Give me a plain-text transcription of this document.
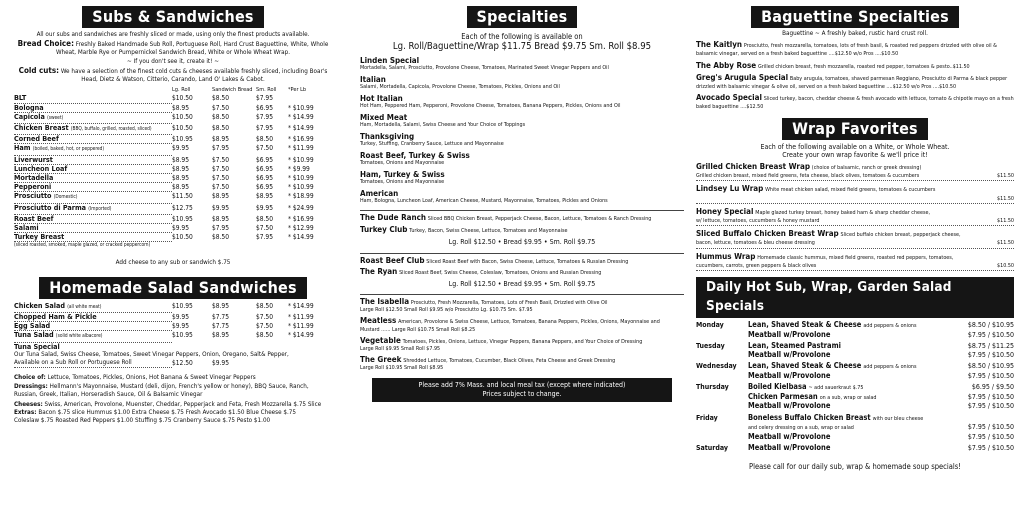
Subs & Sandwiches

All our subs and sandwiches are freshly sliced or made, using only the finest products available.

Bread Choice: Freshly Baked Handmade Sub Roll, Portuguese Roll, Hard Crust Baguettine, White, Whole Wheat, Marble Rye or Pumpernickel Sandwich Bread, White or Whole Wheat Wrap.

~ If you don't see it, create it! ~

Cold cuts: We have a selection of the finest cold cuts & cheeses available freshly sliced, including Boar's Head, Dietz & Watson, Citterio, Carando, Land O' Lakes & Cabot.

Lg. Roll	Sandwich Bread Sm. Roll	*Per Lb
BLT	$10.50	$8.50	$7.95
Bologna	$8.95	$7.50	$6.95	* $10.99
Capicola (sweet)	$10.50	$8.50	$7.95	* $14.99
Chicken Breast (BBQ, buffalo, grilled, roasted, sliced)	$10.50	$8.50	$7.95	* $14.99
Corned Beef	$10.95	$8.95	$8.50	* $16.99
Ham (boiled, baked, hot, or peppered)	$9.95	$7.95	$7.50	* $11.99
Liverwurst	$8.95	$7.50	$6.95	* $10.99
Luncheon Loaf	$8.95	$7.50	$6.95	* $9.99
Mortadella	$8.95	$7.50	$6.95	* $10.99
Pepperoni	$8.95	$7.50	$6.95	* $10.99
Prosciutto (Domestic)	$11.50	$8.95	$8.95	* $18.99
Prosciutto di Parma (Imported)	$12.75	$9.95	$9.95	* $24.99
Roast Beef	$10.95	$8.95	$8.50	* $16.99
Salami	$9.95	$7.95	$7.50	* $12.99
Turkey Breast	$10.50	$8.50	$7.95	* $14.99

(sliced roasted, smoked, maple glazed, or cracked peppercorn)

Add cheese to any sub or sandwich $.75

Homemade Salad Sandwiches
Chicken Salad (all white meat)	$10.95	$8.95	$8.50	* $14.99
Chopped Ham & Pickle	$9.95	$7.75	$7.50	* $11.99
Egg Salad	$9.95	$7.75	$7.50	* $11.99
Tuna Salad (solid white albacore)	$10.95	$8.95	$8.50	* $14.99
Tuna Special

Our Tuna Salad, Swiss Cheese, Tomatoes, Sweet Vinegar Peppers, Onion, Oregano, Salt& Pepper,

Available on a Sub Roll or Portuguese Roll	$12.50	$9.95

Choice of: Lettuce, Tomatoes, Pickles, Onions, Hot Banana & Sweet Vinegar Peppers

Dressings: Hellmann's Mayonnaise, Mustard (deli, dijon, French's yellow or honey), BBQ Sauce, Ranch, Russian, Greek, Italian, Horseradish Sauce, Oil & Balsamic Vinegar

Cheeses: Swiss, American, Provolone, Muenster, Cheddar, Pepperjack and Feta, Fresh Mozzarella $.75 Slice

Extras: Bacon $.75 slice Hummus $1.00 Extra Cheese $.75 Fresh Avocado $1.50 Blue Cheese $.75

Coleslaw $.75 Roasted Red Peppers $1.00 Stuffing $.75 Cranberry Sauce $.75 Pesto $1.00

Specialties

Each of the following is available on

Lg. Roll/Baguettine/Wrap $11.75 Bread $9.75 Sm. Roll $8.95

Linden Special
Mortadella, Salami, Prosciutto, Provolone Cheese, Tomatoes, Marinated Sweet Vinegar Peppers and Oil
Italian
Salami, Mortadella, Capicola, Provolone Cheese, Tomatoes, Pickles, Onions and Oil
Hot Italian
Hot Ham, Peppered Ham, Pepperoni, Provolone Cheese, Tomatoes, Banana Peppers, Pickles, Onions and Oil
Mixed Meat
Ham, Mortadella, Salami, Swiss Cheese and Your Choice of Toppings
Thanksgiving
Turkey, Stuffing, Cranberry Sauce, Lettuce and Mayonnaise
Roast Beef, Turkey & Swiss
Tomatoes, Onions and Mayonnaise
Ham, Turkey & Swiss
Tomatoes, Onions and Mayonnaise
American
Ham, Bologna, Luncheon Loaf, American Cheese, Mustard, Mayonnaise, Tomatoes, Pickles and Onions

The Dude Ranch Sliced BBQ Chicken Breast, Pepperjack Cheese, Bacon, Lettuce, Tomatoes & Ranch Dressing

Turkey Club Turkey, Bacon, Swiss Cheese, Lettuce, Tomatoes and Mayonnaise

Lg. Roll $12.50 • Bread $9.95 • Sm. Roll $9.75

Roast Beef Club Sliced Roast Beef with Bacon, Swiss Cheese, Lettuce, Tomatoes & Russian Dressing

The Ryan Sliced Roast Beef, Swiss Cheese, Coleslaw, Tomatoes, Onions and Russian Dressing

Lg. Roll $12.50 • Bread $9.95 • Sm. Roll $9.75

The Isabella Prosciutto, Fresh Mozzarella, Tomatoes, Lots of Fresh Basil, Drizzled with Olive Oil

Large Roll $12.50 Small Roll $9.95 w/o Prosciutto Lg. $10.75 Sm. $7.95

Meatless American, Provolone & Swiss Cheese, Lettuce, Tomatoes, Banana Peppers, Pickles, Onions, Mayonnaise and

Mustard ...... Large Roll $10.75 Small Roll $8.25

Vegetable Tomatoes, Pickles, Onions, Lettuce, Vinegar Peppers, Banana Peppers, and Your Choice of Dressing

Large Roll $9.95 Small Roll $7.95

The Greek Shredded Lettuce, Tomatoes, Cucumber, Black Olives, Feta Cheese and Greek Dressing

Large Roll $10.95 Small Roll $8.95

Please add 7% Mass. and local meal tax (except where indicated)
Prices subject to change.
Baguettine Specialties

Baguettine ~ A freshly baked, rustic hard crust roll.

The Kaitlyn Prosciutto, fresh mozzarella, tomatoes, lots of fresh basil, & roasted red peppers drizzled with olive oil & balsamic vinegar, served on a fresh baked baguettine ....$12.50 w/o Pros ....$10.50

The Abby Rose Grilled chicken breast, fresh mozzarella, roasted red pepper, tomatoes & pesto..$11.50

Greg's Arugula Special Baby arugula, tomatoes, shaved parmesan Reggiano, Prosciutto di Parma & black pepper drizzled with balsamic vinegar & olive oil, served on a fresh baked baguettine ....$12.50 w/o Pros ....$10.50

Avocado Special Sliced turkey, bacon, cheddar cheese & fresh avocado with lettuce, tomato & chipotle mayo on a fresh baked baguettine ....$12.50

Wrap Favorites

Each of the following available on a White, or Whole Wheat.

Create your own wrap favorite & we'll price it!

Grilled Chicken Breast Wrap (choice of balsamic, ranch or greek dressing)
Grilled chicken breast, mixed field greens, feta cheese, black olives, tomatoes & cucumbers	$11.50
Lindsey Lu Wrap White meat chicken salad, mixed field greens, tomatoes & cucumbers
$11.50
Honey Special Maple glazed turkey breast, honey baked ham & sharp cheddar cheese,
w/ lettuce, tomatoes, cucumbers & honey mustard	$11.50
Sliced Buffalo Chicken Breast Wrap Sliced buffalo chicken breast, pepperjack cheese,
bacon, lettuce, tomatoes & bleu cheese dressing	$11.50
Hummus Wrap Homemade classic hummus, mixed field greens, roasted red peppers, tomatoes,
cucumbers, carrots, green peppers & black olives	$10.50
Daily Hot Sub, Wrap, Garden Salad Specials
Monday	Lean, Shaved Steak & Cheese add peppers & onions	$8.50 / $10.95
Meatball w/Provolone	$7.95 / $10.50
Tuesday	Lean, Steamed Pastrami	$8.75 / $11.25
Meatball w/Provolone	$7.95 / $10.50
Wednesday	Lean, Shaved Steak & Cheese add peppers & onions	$8.50 / $10.95
Meatball w/Provolone	$7.95 / $10.50
Thursday	Boiled Kielbasa ~ add sauerkraut $.75	$6.95 / $9.50
Chicken Parmesan on a sub, wrap or salad	$7.95 / $10.50
Meatball w/Provolone	$7.95 / $10.50
Friday	Boneless Buffalo Chicken Breast with our bleu cheese
and celery dressing on a sub, wrap or salad	$7.95 / $10.50
Meatball w/Provolone	$7.95 / $10.50
Saturday	Meatball w/Provolone	$7.95 / $10.50

Please call for our daily sub, wrap & homemade soup specials!
